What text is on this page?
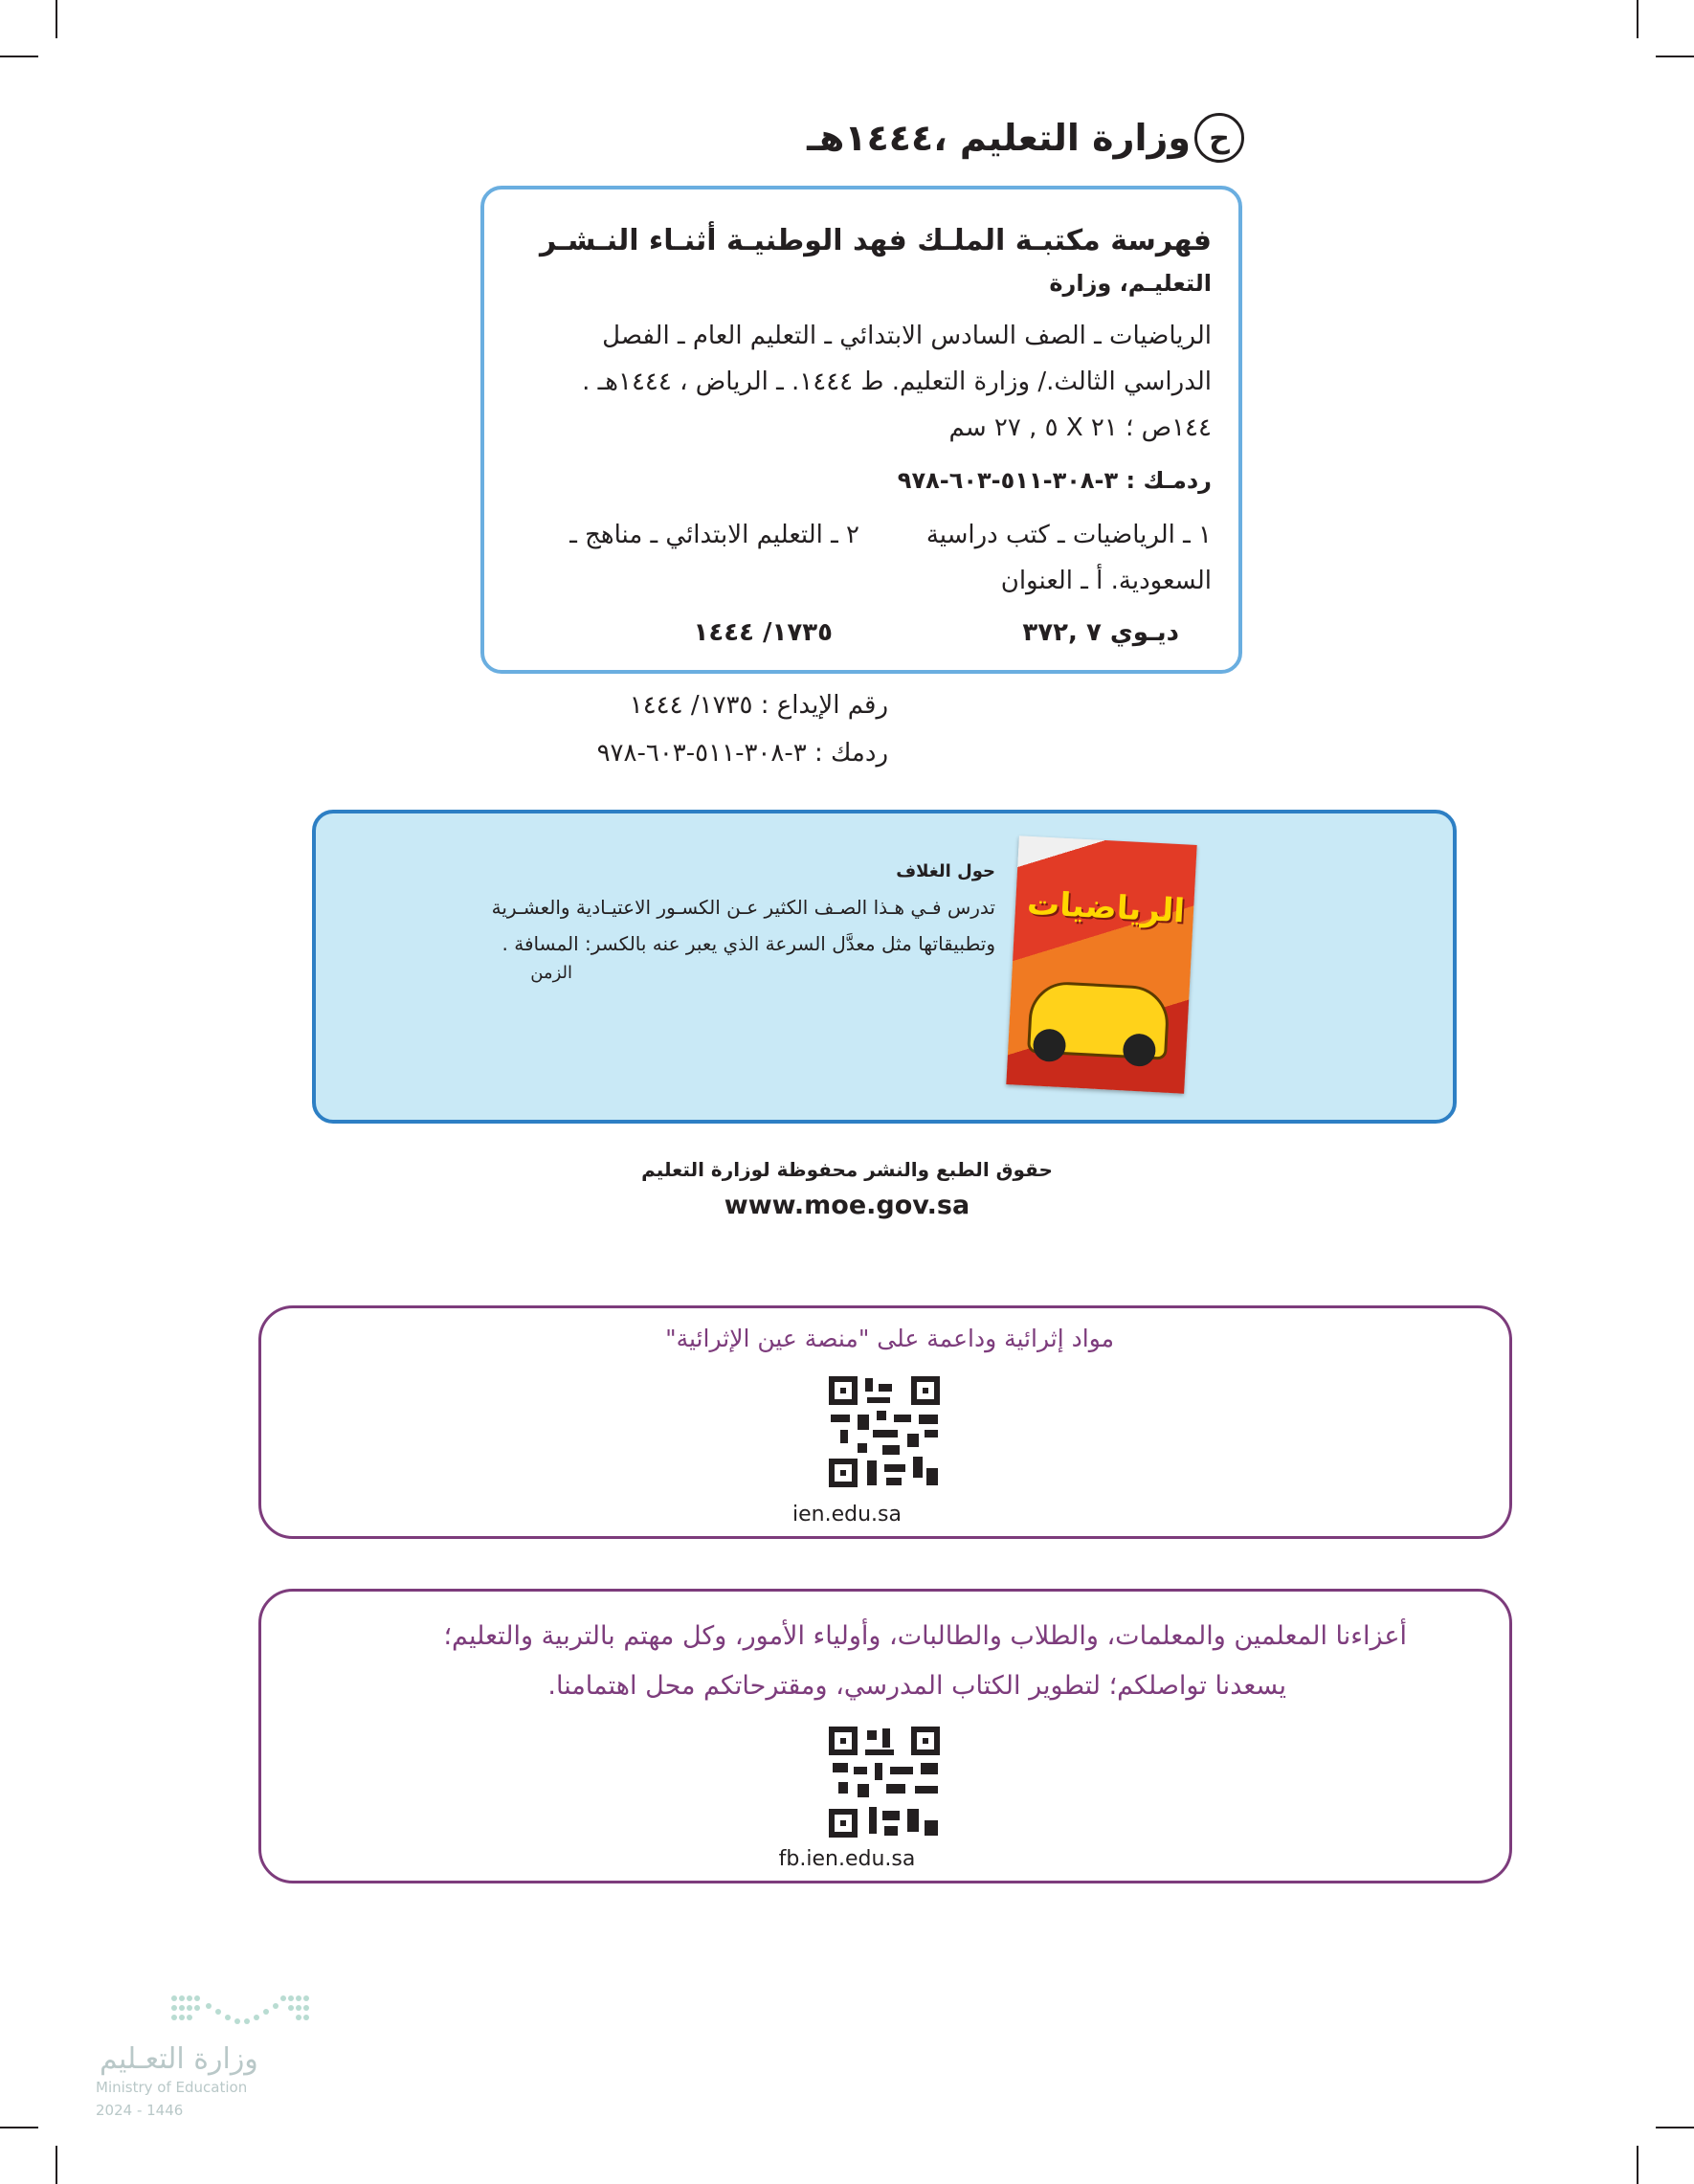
ح
وزارة التعليم ،١٤٤٤هـ
فهرسة مكتبـة الملـك فهد الوطنيـة أثنـاء النـشـر
التعليـم، وزارة
الرياضيات ـ الصف السادس الابتدائي ـ التعليم العام ـ الفصل
الدراسي الثالث./ وزارة التعليم. ط ١٤٤٤. ـ الرياض ، ١٤٤٤هـ .
١٤٤ص ؛ ٢١ X ٥ , ٢٧ سم
ردمـك : ٣-٣٠٨-٥١١-٦٠٣-٩٧٨
١ ـ الرياضيات ـ كتب دراسية
٢ ـ التعليم الابتدائي ـ مناهج ـ
السعودية. أ ـ العنوان
ديـوي ٧ ,٣٧٢
١٧٣٥/ ١٤٤٤
رقم الإيداع : ١٧٣٥/ ١٤٤٤
ردمك : ٣-٣٠٨-٥١١-٦٠٣-٩٧٨
الرياضيات
حول الغلاف
تدرس فـي هـذا الصـف الكثير عـن الكسـور الاعتيـادية والعشـرية
وتطبيقاتها مثل معدَّل السرعة الذي يعبر عنه بالكسر: المسافة .
الزمن
حقوق الطبع والنشر محفوظة لوزارة التعليم
www.moe.gov.sa
مواد إثرائية وداعمة على "منصة عين الإثرائية"
ien.edu.sa
أعزاءنا المعلمين والمعلمات، والطلاب والطالبات، وأولياء الأمور، وكل مهتم بالتربية والتعليم؛
يسعدنا تواصلكم؛ لتطوير الكتاب المدرسي، ومقترحاتكم محل اهتمامنا.
fb.ien.edu.sa
وزارة التعـليم
Ministry of Education
2024 - 1446
